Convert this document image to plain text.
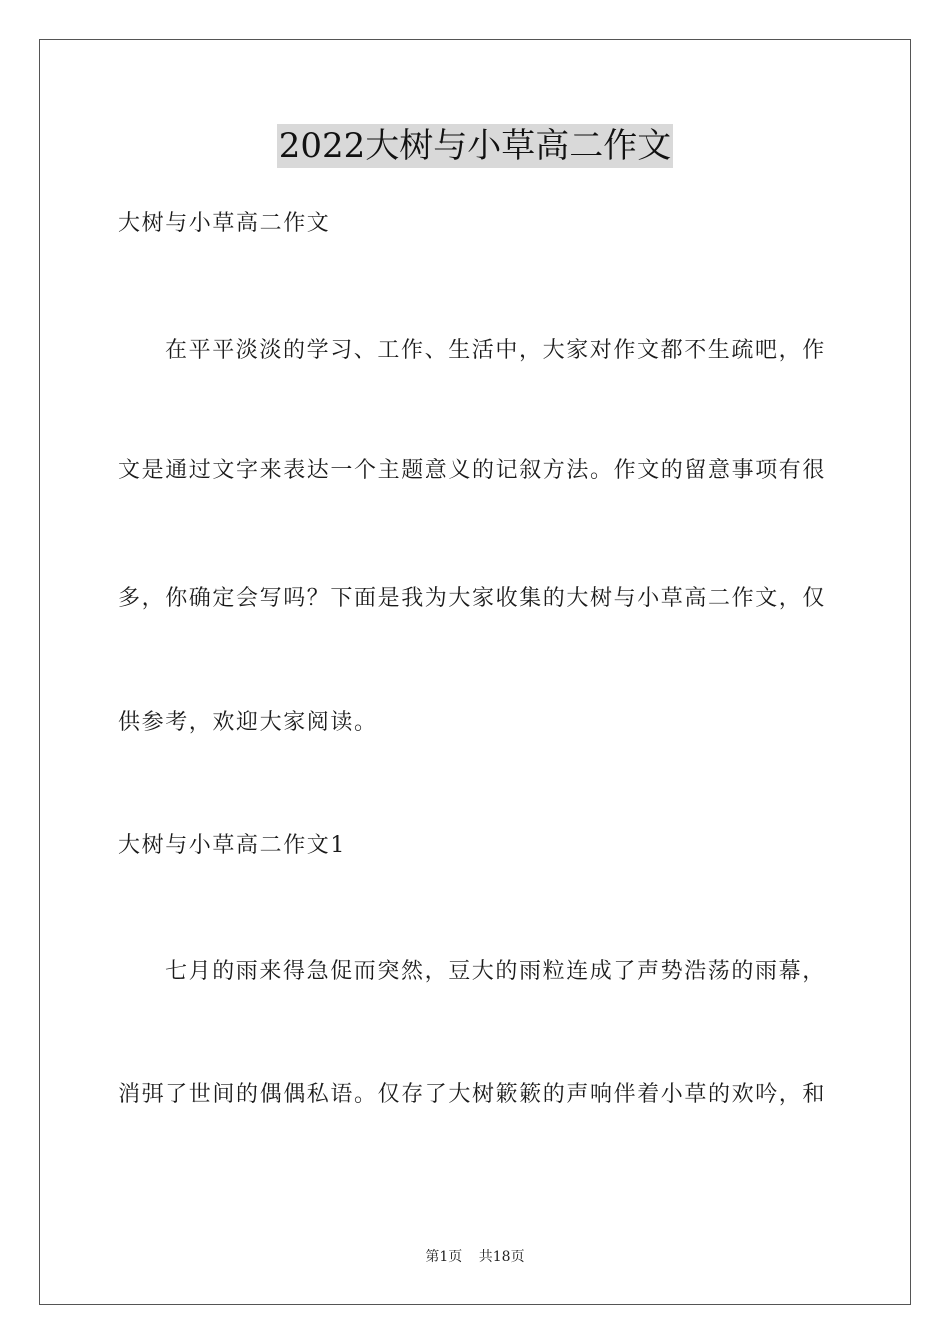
2022大树与小草高二作文
大树与小草高二作文
在平平淡淡的学习、工作、生活中，大家对作文都不生疏吧，作
文是通过文字来表达一个主题意义的记叙方法。作文的留意事项有很
多，你确定会写吗？下面是我为大家收集的大树与小草高二作文，仅
供参考，欢迎大家阅读。
大树与小草高二作文1
七月的雨来得急促而突然，豆大的雨粒连成了声势浩荡的雨幕，
消弭了世间的偶偶私语。仅存了大树簌簌的声响伴着小草的欢吟，和
第1页 共18页
